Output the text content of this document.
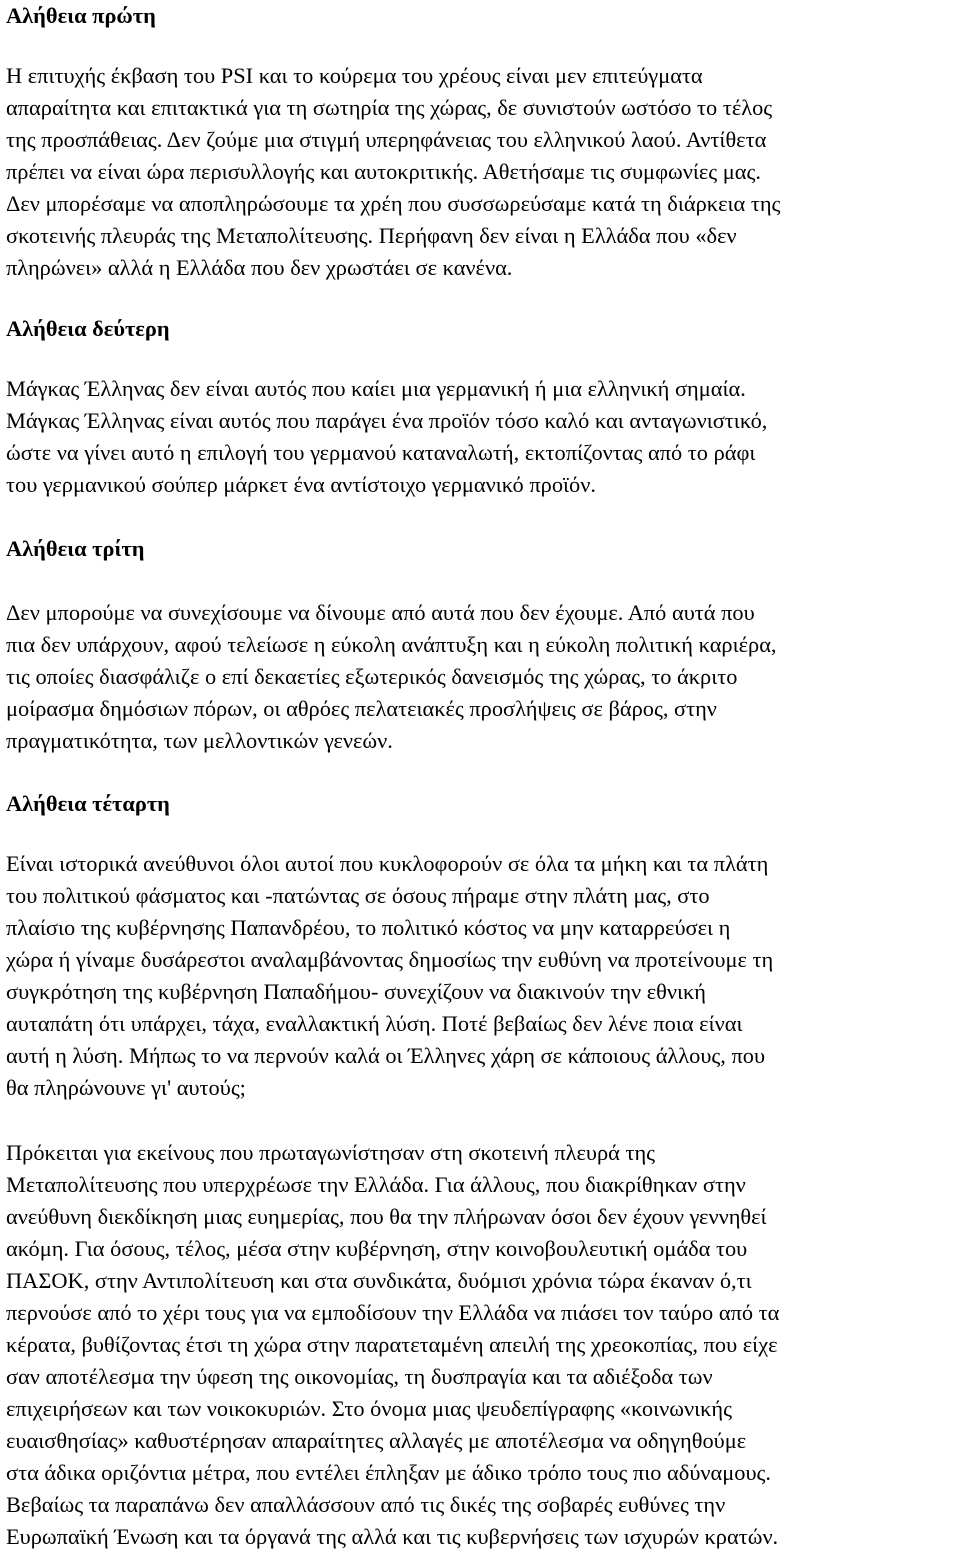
Αλήθεια πρώτη
Η επιτυχής έκβαση του PSI και το κούρεμα του χρέους είναι μεν επιτεύγματα
απαραίτητα και επιτακτικά για τη σωτηρία της χώρας, δε συνιστούν ωστόσο το τέλος
της προσπάθειας. Δεν ζούμε μια στιγμή υπερηφάνειας του ελληνικού λαού. Αντίθετα
πρέπει να είναι ώρα περισυλλογής και αυτοκριτικής. Αθετήσαμε τις συμφωνίες μας.
Δεν μπορέσαμε να αποπληρώσουμε τα χρέη που συσσωρεύσαμε κατά τη διάρκεια της
σκοτεινής πλευράς της Μεταπολίτευσης. Περήφανη δεν είναι η Ελλάδα που «δεν
πληρώνει» αλλά η Ελλάδα που δεν χρωστάει σε κανένα.
Αλήθεια δεύτερη
Μάγκας Έλληνας δεν είναι αυτός που καίει μια γερμανική ή μια ελληνική σημαία.
Μάγκας Έλληνας είναι αυτός που παράγει ένα προϊόν τόσο καλό και ανταγωνιστικό,
ώστε να γίνει αυτό η επιλογή του γερμανού καταναλωτή, εκτοπίζοντας από το ράφι
του γερμανικού σούπερ μάρκετ ένα αντίστοιχο γερμανικό προϊόν.
Αλήθεια τρίτη
Δεν μπορούμε να συνεχίσουμε να δίνουμε από αυτά που δεν έχουμε. Από αυτά που
πια δεν υπάρχουν, αφού τελείωσε η εύκολη ανάπτυξη και η εύκολη πολιτική καριέρα,
τις οποίες διασφάλιζε ο επί δεκαετίες εξωτερικός δανεισμός της χώρας, το άκριτο
μοίρασμα δημόσιων πόρων, οι αθρόες πελατειακές προσλήψεις σε βάρος, στην
πραγματικότητα, των μελλοντικών γενεών.
Αλήθεια τέταρτη
Είναι ιστορικά ανεύθυνοι όλοι αυτοί που κυκλοφορούν σε όλα τα μήκη και τα πλάτη
του πολιτικού φάσματος και -πατώντας σε όσους πήραμε στην πλάτη μας, στο
πλαίσιο της κυβέρνησης Παπανδρέου, το πολιτικό κόστος να μην καταρρεύσει η
χώρα ή γίναμε δυσάρεστοι αναλαμβάνοντας δημοσίως την ευθύνη να προτείνουμε τη
συγκρότηση της κυβέρνηση Παπαδήμου- συνεχίζουν να διακινούν την εθνική
αυταπάτη ότι υπάρχει, τάχα, εναλλακτική λύση. Ποτέ βεβαίως δεν λένε ποια είναι
αυτή η λύση. Μήπως το να περνούν καλά οι Έλληνες χάρη σε κάποιους άλλους, που
θα πληρώνουνε γι' αυτούς;
Πρόκειται για εκείνους που πρωταγωνίστησαν στη σκοτεινή πλευρά της
Μεταπολίτευσης που υπερχρέωσε την Ελλάδα. Για άλλους, που διακρίθηκαν στην
ανεύθυνη διεκδίκηση μιας ευημερίας, που θα την πλήρωναν όσοι δεν έχουν γεννηθεί
ακόμη. Για όσους, τέλος, μέσα στην κυβέρνηση, στην κοινοβουλευτική ομάδα του
ΠΑΣΟΚ, στην Αντιπολίτευση και στα συνδικάτα, δυόμισι χρόνια τώρα έκαναν ό,τι
περνούσε από το χέρι τους για να εμποδίσουν την Ελλάδα να πιάσει τον ταύρο από τα
κέρατα, βυθίζοντας έτσι τη χώρα στην παρατεταμένη απειλή της χρεοκοπίας, που είχε
σαν αποτέλεσμα την ύφεση της οικονομίας, τη δυσπραγία και τα αδιέξοδα των
επιχειρήσεων και των νοικοκυριών. Στο όνομα μιας ψευδεπίγραφης «κοινωνικής
ευαισθησίας» καθυστέρησαν απαραίτητες αλλαγές με αποτέλεσμα να οδηγηθούμε
στα άδικα οριζόντια μέτρα, που εντέλει έπληξαν με άδικο τρόπο τους πιο αδύναμους.
Βεβαίως τα παραπάνω δεν απαλλάσσουν από τις δικές της σοβαρές ευθύνες την
Ευρωπαϊκή Ένωση και τα όργανά της αλλά και τις κυβερνήσεις των ισχυρών κρατών.
